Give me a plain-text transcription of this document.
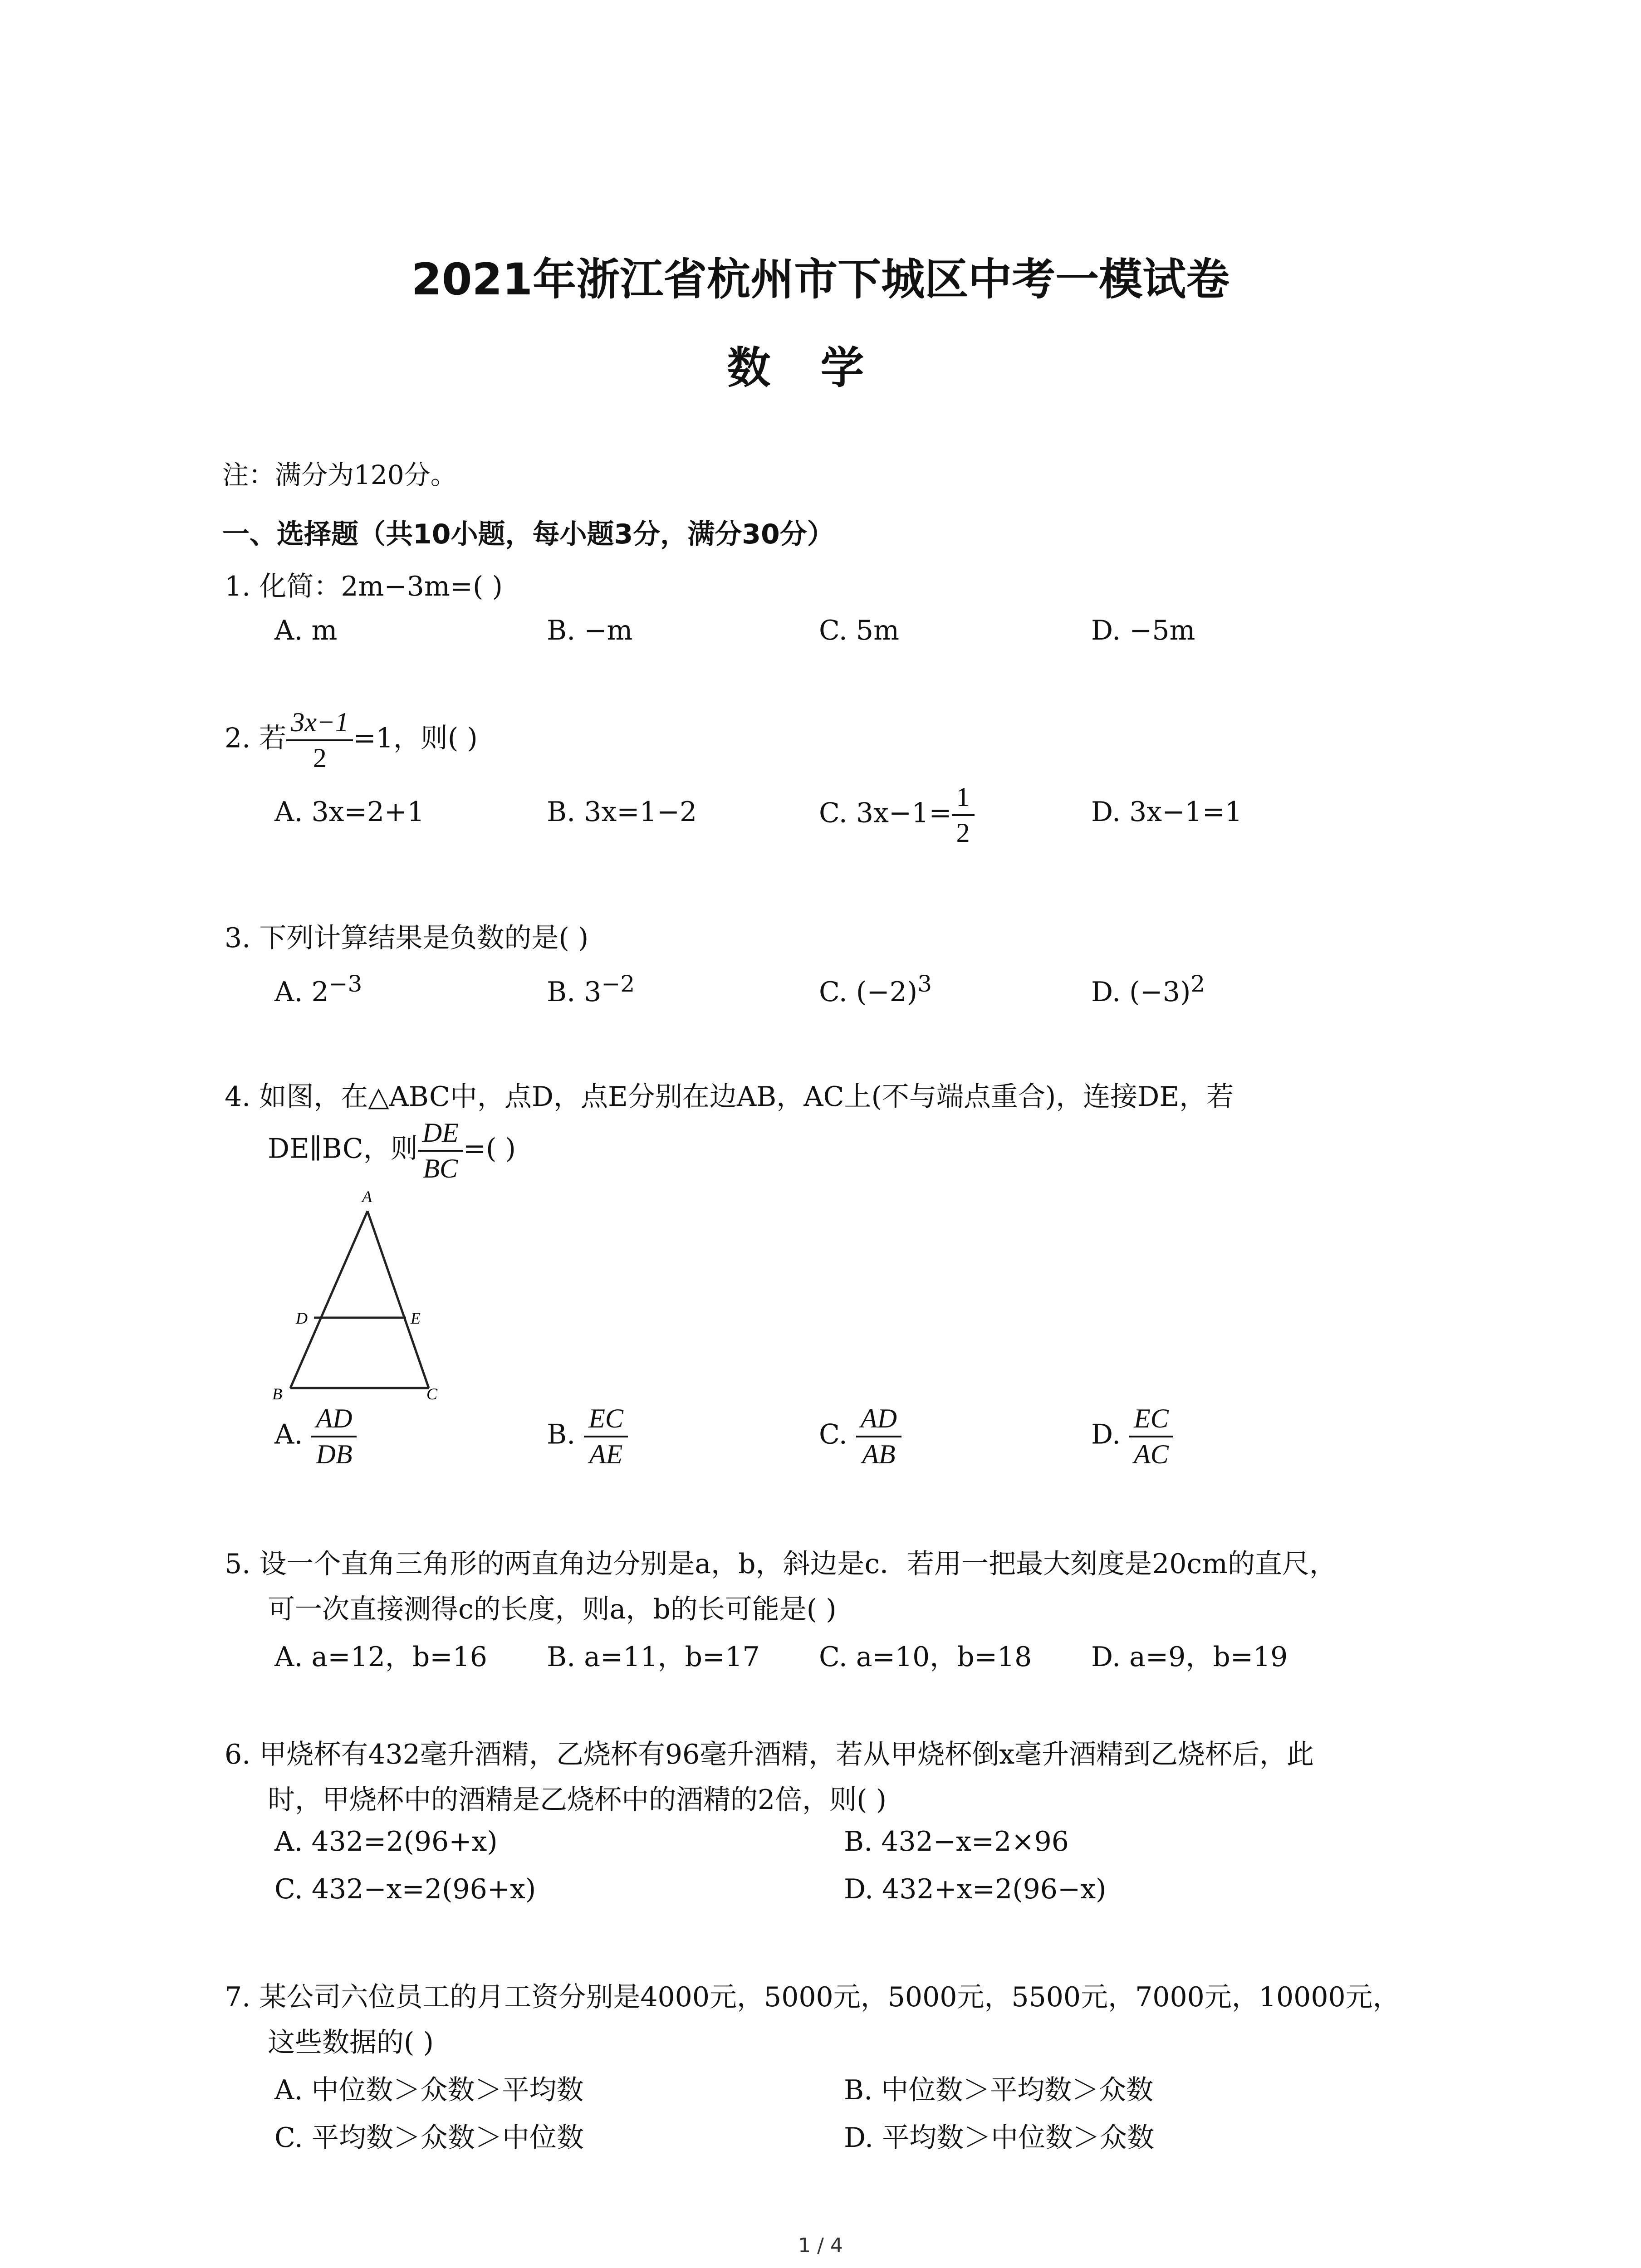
2021年浙江省杭州市下城区中考一模试卷
数学
注：满分为120分。
一、选择题（共10小题，每小题3分，满分30分）
1. 化简：2m−3m=( )
A. m	B. −m	C. 5m	D. −5m
2. 若 $\frac{3x-1}{2} =1$，则( )
A. 3x=2+1	B. 3x=1−2	C. $3x-1= \frac{1}{2}$	D. 3x−1=1
3. 下列计算结果是负数的是( )
A. $2^{-3}$	B. $3^{-2}$	C. $(-2)^3$	D. $(-3)^2$
4. 如图，在△ABC中，点D，点E分别在边AB，AC上(不与端点重合)，连接DE，若
DE∥BC，则 $\frac{DE}{BC}$ =( )
A
D	E
B	C
A. $\frac{AD}{DB}$	B. $\frac{EC}{AE}$	C. $\frac{AD}{AB}$	D. $\frac{EC}{AC}$
5. 设一个直角三角形的两直角边分别是a，b，斜边是c．若用一把最大刻度是20cm的直尺，
可一次直接测得c的长度，则a，b的长可能是( )
A. a=12，b=16 B. a=11，b=17 C. a=10，b=18 D. a=9，b=19
6. 甲烧杯有432毫升酒精，乙烧杯有96毫升酒精，若从甲烧杯倒x毫升酒精到乙烧杯后，此
时，甲烧杯中的酒精是乙烧杯中的酒精的2倍，则( )
A. 432=2(96+x)	B. 432−x=2×96
C. 432−x=2(96+x)	D. 432+x=2(96−x)
7. 某公司六位员工的月工资分别是4000元，5000元，5000元，5500元，7000元，10000元，
这些数据的( )
A. 中位数＞众数＞平均数	B. 中位数＞平均数＞众数
C. 平均数＞众数＞中位数	D. 平均数＞中位数＞众数
1 / 4
